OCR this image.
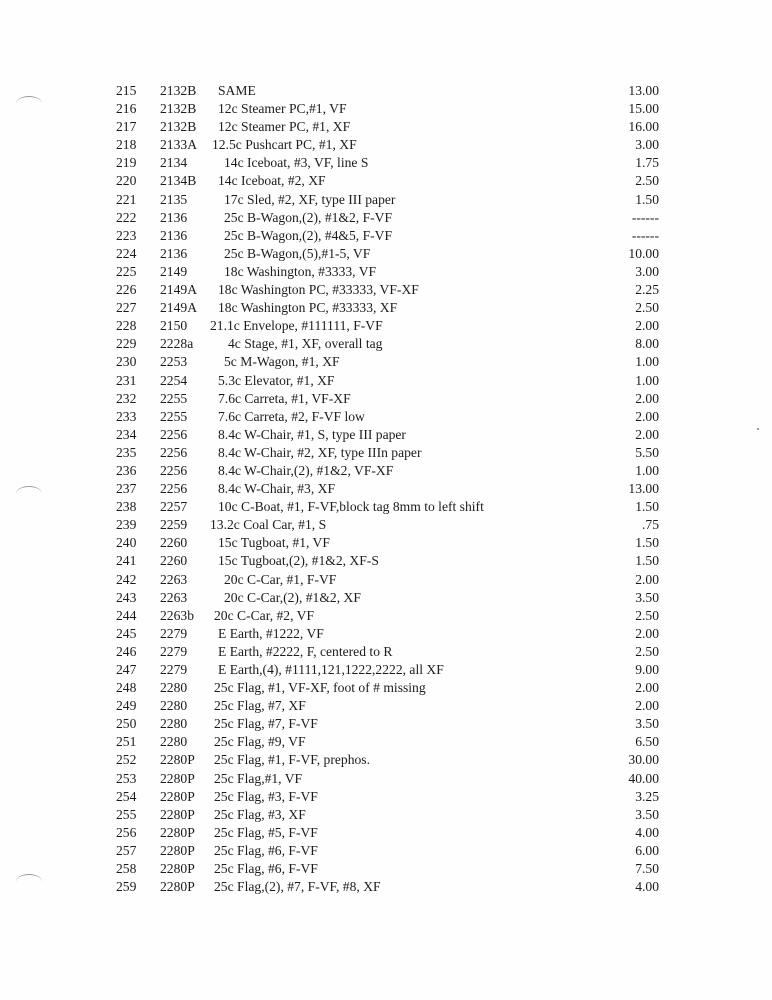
215 2132B SAME	13.00
216 2132B 12c Steamer PC,#1, VF	15.00
217 2132B 12c Steamer PC, #1, XF	16.00
218 2133A 12.5c Pushcart PC, #1, XF	3.00
219 2134	14c Iceboat, #3, VF, line S	1.75
220 2134B 14c Iceboat, #2, XF	2.50
221 2135	17c Sled, #2, XF, type III paper	1.50
222 2136	25c B-Wagon,(2), #1&2, F-VF	------
223 2136	25c B-Wagon,(2), #4&5, F-VF	------
224 2136	25c B-Wagon,(5),#1-5, VF	10.00
225 2149	18c Washington, #3333, VF	3.00
226 2149A 18c Washington PC, #33333, VF-XF	2.25
227 2149A 18c Washington PC, #33333, XF	2.50
228 2150 21.1c Envelope, #111111, F-VF	2.00
229 2228a	4c Stage, #1, XF, overall tag	8.00
230 2253	5c M-Wagon, #1, XF	1.00
231 2254 5.3c Elevator, #1, XF	1.00
232 2255 7.6c Carreta, #1, VF-XF	2.00
233 2255 7.6c Carreta, #2, F-VF low	2.00
234 2256 8.4c W-Chair, #1, S, type III paper	2.00
235 2256 8.4c W-Chair, #2, XF, type IIIn paper	5.50
236 2256 8.4c W-Chair,(2), #1&2, VF-XF	1.00
237 2256 8.4c W-Chair, #3, XF	13.00
238 2257 10c C-Boat, #1, F-VF,block tag 8mm to left shift	1.50
239 2259 13.2c Coal Car, #1, S	.75
240 2260 15c Tugboat, #1, VF	1.50
241 2260 15c Tugboat,(2), #1&2, XF-S	1.50
242 2263	20c C-Car, #1, F-VF	2.00
243 2263	20c C-Car,(2), #1&2, XF	3.50
244 2263b 20c C-Car, #2, VF	2.50
245 2279 E Earth, #1222, VF	2.00
246 2279 E Earth, #2222, F, centered to R	2.50
247 2279 E Earth,(4), #1111,121,1222,2222, all XF	9.00
248 2280 25c Flag, #1, VF-XF, foot of # missing	2.00
249 2280 25c Flag, #7, XF	2.00
250 2280 25c Flag, #7, F-VF	3.50
251 2280 25c Flag, #9, VF	6.50
252 2280P 25c Flag, #1, F-VF, prephos.	30.00
253 2280P 25c Flag,#1, VF	40.00
254 2280P 25c Flag, #3, F-VF	3.25
255 2280P 25c Flag, #3, XF	3.50
256 2280P 25c Flag, #5, F-VF	4.00
257 2280P 25c Flag, #6, F-VF	6.00
258 2280P 25c Flag, #6, F-VF	7.50
259 2280P 25c Flag,(2), #7, F-VF, #8, XF	4.00
